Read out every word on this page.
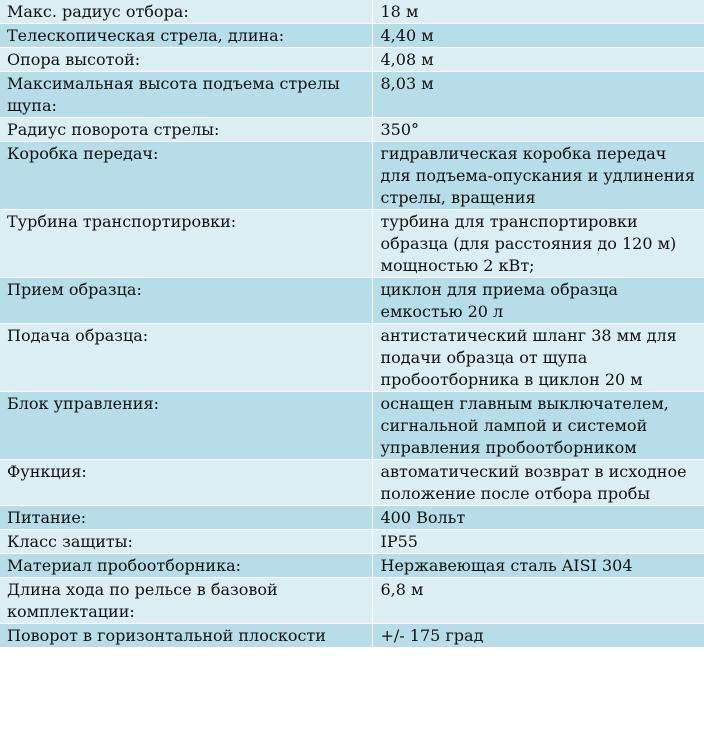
Макс. радиус отбора:	18 м
Телескопическая стрела, длина:	4,40 м
Опора высотой:	4,08 м
Максимальная высота подъема стрелы щупа:	8,03 м
Радиус поворота стрелы:	350°
Коробка передач:	гидравлическая коробка передач для подъема-опускания и удлинения стрелы, вращения
Турбина транспортировки:	турбина для транспортировки образца (для расстояния до 120 м) мощностью 2 кВт;
Прием образца:	циклон для приема образца емкостью 20 л
Подача образца:	антистатический шланг 38 мм для подачи образца от щупа пробоотборника в циклон 20 м
Блок управления:	оснащен главным выключателем, сигнальной лампой и системой управления пробоотборником
Функция:	автоматический возврат в исходное положение после отбора пробы
Питание:	400 Вольт
Класс защиты:	IP55
Материал пробоотборника:	Нержавеющая сталь AISI 304
Длина хода по рельсе в базовой комплектации:	6,8 м
Поворот в горизонтальной плоскости	+/- 175 град
